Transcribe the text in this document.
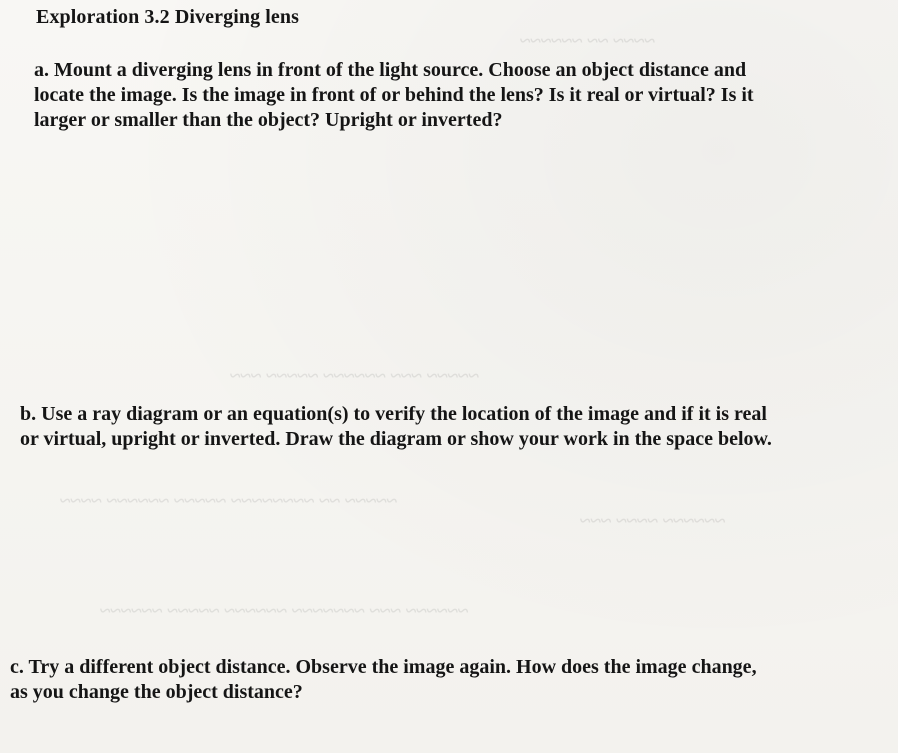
~~~~ ~~ ~~~~~~
~~~~~ ~~~ ~~~~~~ ~~~~~ ~~~
~~~~~ ~~ ~~~~~~~~ ~~~~~ ~~~~~~ ~~~~
~~~~~~ ~~~~ ~~~
~~~~~~ ~~~ ~~~~~~~ ~~~~~~ ~~~~~ ~~~~~~
Exploration 3.2 Diverging lens
a. Mount a diverging lens in front of the light source. Choose an object distance and
locate the image. Is the image in front of or behind the lens? Is it real or virtual? Is it
larger or smaller than the object? Upright or inverted?
b. Use a ray diagram or an equation(s) to verify the location of the image and if it is real
or virtual, upright or inverted. Draw the diagram or show your work in the space below.
c. Try a different object distance. Observe the image again. How does the image change,
as you change the object distance?
